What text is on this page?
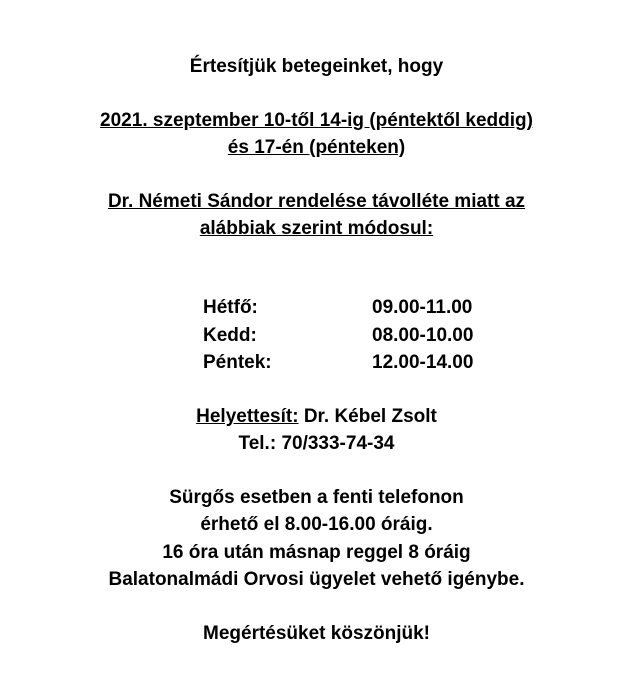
Értesítjük betegeinket, hogy
2021. szeptember 10-től 14-ig (péntektől keddig)
és 17-én (pénteken)
Dr. Németi Sándor rendelése távolléte miatt az
alábbiak szerint módosul:
Hétfő:	09.00-11.00
Kedd:	08.00-10.00
Péntek:	12.00-14.00
Helyettesít: Dr. Kébel Zsolt
Tel.: 70/333-74-34
Sürgős esetben a fenti telefonon
érhető el 8.00-16.00 óráig.
16 óra után másnap reggel 8 óráig
Balatonalmádi Orvosi ügyelet vehető igénybe.
Megértésüket köszönjük!
